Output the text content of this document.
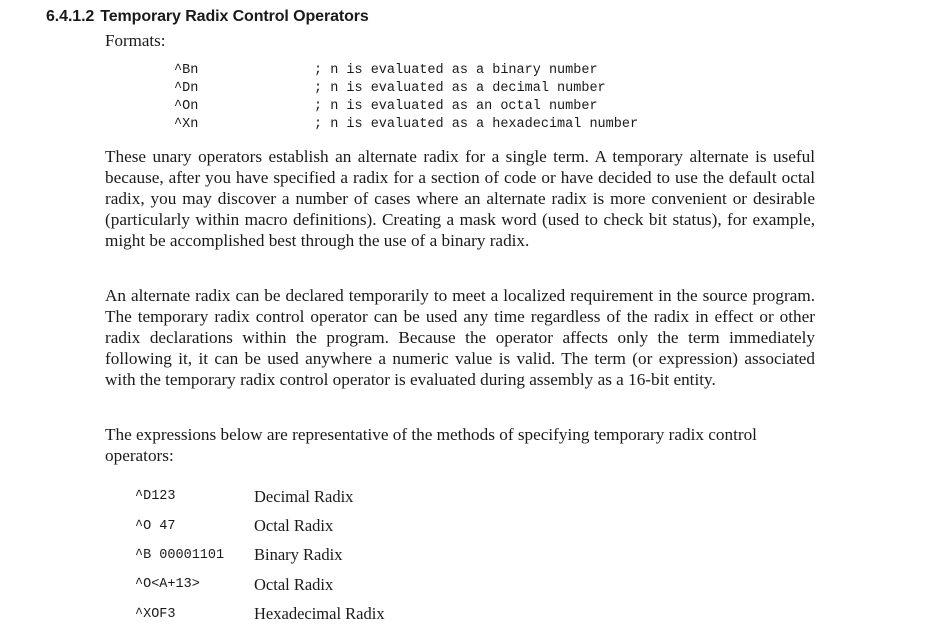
6.4.1.2 Temporary Radix Control Operators
Formats:
^Bn	; n is evaluated as a binary number
^Dn	; n is evaluated as a decimal number
^On	; n is evaluated as an octal number
^Xn	; n is evaluated as a hexadecimal number

These unary operators establish an alternate radix for a single term. A temporary alternate is useful because, after you have specified a radix for a section of code or have decided to use the default octal radix, you may discover a number of cases where an alternate radix is more convenient or desirable (particularly within macro definitions). Creating a mask word (used to check bit status), for example, might be accomplished best through the use of a binary radix.

An alternate radix can be declared temporarily to meet a localized requirement in the source program. The temporary radix control operator can be used any time regardless of the radix in effect or other radix declarations within the program. Because the operator affects only the term immediately following it, it can be used anywhere a numeric value is valid. The term (or expression) associated with the temporary radix control operator is evaluated during assembly as a 16-bit entity.

The expressions below are representative of the methods of specifying temporary radix control operators:

^D123	Decimal Radix
^O 47	Octal Radix
^B 00001101	Binary Radix
^O<A+13>	Octal Radix
^XOF3	Hexadecimal Radix
